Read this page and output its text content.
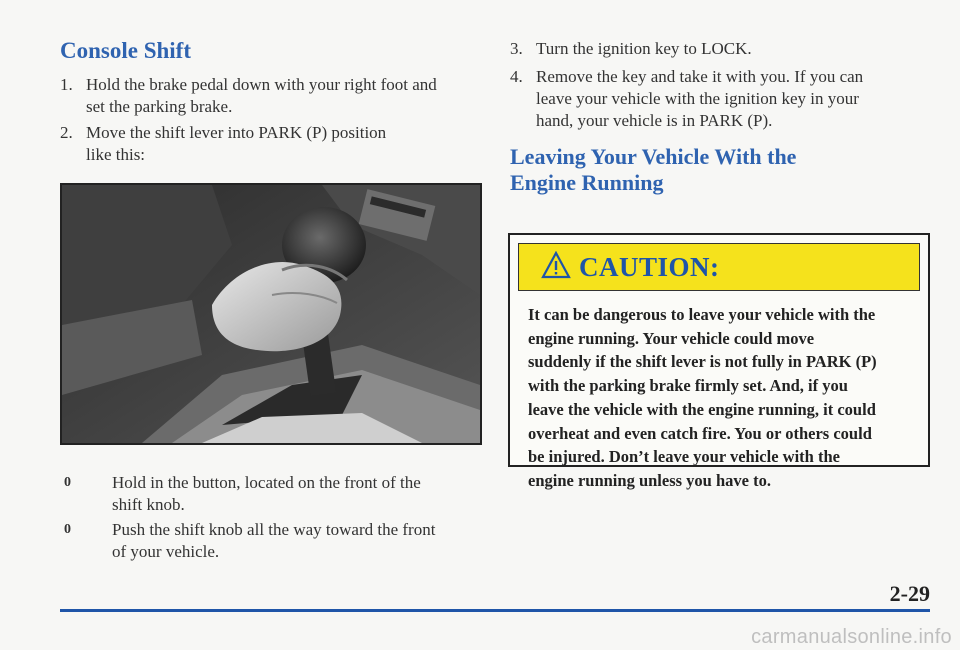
Console Shift
1. Hold the brake pedal down with your right foot and
set the parking brake.
2. Move the shift lever into PARK (P) position
like this:
0 Hold in the button, located on the front of the
shift knob.
0 Push the shift knob all the way toward the front
of your vehicle.
3. Turn the ignition key to LOCK.
4. Remove the key and take it with you. If you can
leave your vehicle with the ignition key in your
hand, your vehicle is in PARK (P).
Leaving Your Vehicle With the
Engine Running
CAUTION:
It can be dangerous to leave your vehicle with the
engine running. Your vehicle could move
suddenly if the shift lever is not fully in PARK (P)
with the parking brake firmly set. And, if you
leave the vehicle with the engine running, it could
overheat and even catch fire. You or others could
be injured. Don’t leave your vehicle with the
engine running unless you have to.
2-29
carmanualsonline.info
